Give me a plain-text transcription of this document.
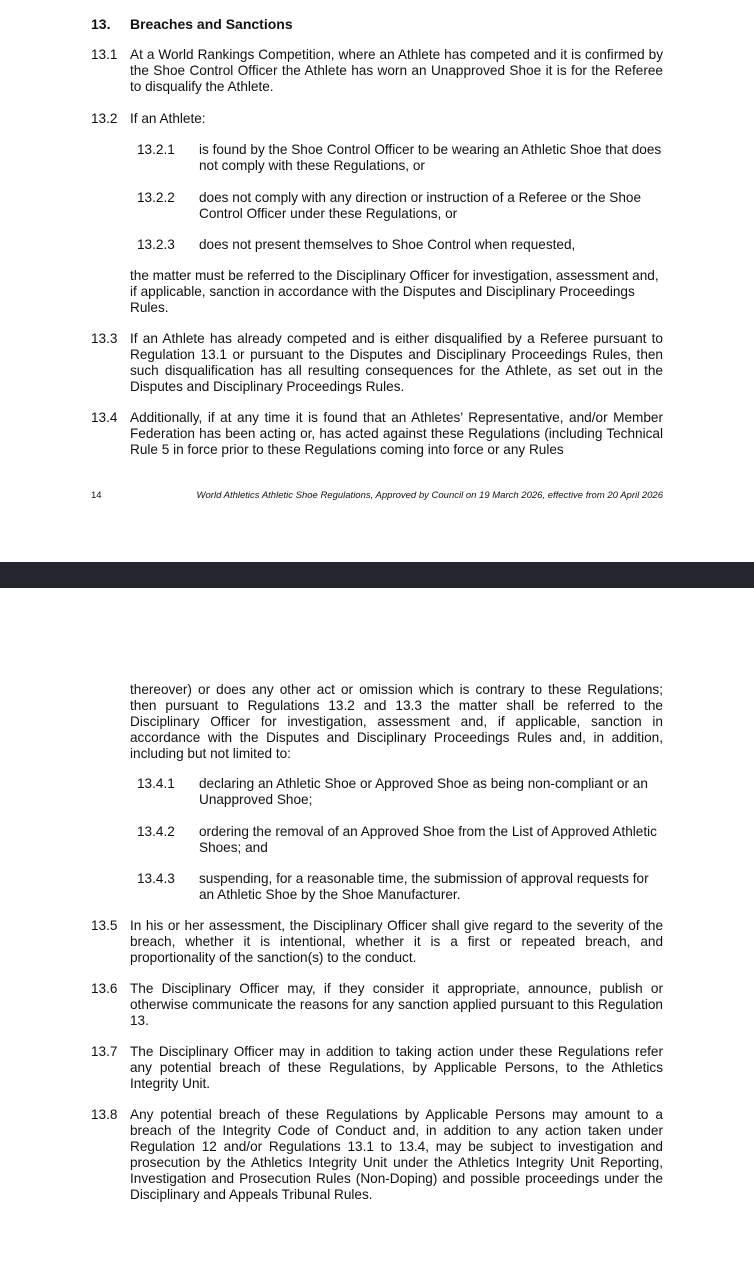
13. Breaches and Sanctions
13.1 At a World Rankings Competition, where an Athlete has competed and it is confirmed by the Shoe Control Officer the Athlete has worn an Unapproved Shoe it is for the Referee to disqualify the Athlete.
13.2 If an Athlete:
13.2.1 is found by the Shoe Control Officer to be wearing an Athletic Shoe that does not comply with these Regulations, or
13.2.2 does not comply with any direction or instruction of a Referee or the Shoe Control Officer under these Regulations, or
13.2.3 does not present themselves to Shoe Control when requested,
the matter must be referred to the Disciplinary Officer for investigation, assessment and, if applicable, sanction in accordance with the Disputes and Disciplinary Proceedings Rules.
13.3 If an Athlete has already competed and is either disqualified by a Referee pursuant to Regulation 13.1 or pursuant to the Disputes and Disciplinary Proceedings Rules, then such disqualification has all resulting consequences for the Athlete, as set out in the Disputes and Disciplinary Proceedings Rules.
13.4 Additionally, if at any time it is found that an Athletes’ Representative, and/or Member Federation has been acting or, has acted against these Regulations (including Technical Rule 5 in force prior to these Regulations coming into force or any Rules
14	World Athletics Athletic Shoe Regulations, Approved by Council on 19 March 2026, effective from 20 April 2026
thereover) or does any other act or omission which is contrary to these Regulations; then pursuant to Regulations 13.2 and 13.3 the matter shall be referred to the Disciplinary Officer for investigation, assessment and, if applicable, sanction in accordance with the Disputes and Disciplinary Proceedings Rules and, in addition, including but not limited to:
13.4.1 declaring an Athletic Shoe or Approved Shoe as being non-compliant or an Unapproved Shoe;
13.4.2 ordering the removal of an Approved Shoe from the List of Approved Athletic Shoes; and
13.4.3 suspending, for a reasonable time, the submission of approval requests for an Athletic Shoe by the Shoe Manufacturer.
13.5 In his or her assessment, the Disciplinary Officer shall give regard to the severity of the breach, whether it is intentional, whether it is a first or repeated breach, and proportionality of the sanction(s) to the conduct.
13.6 The Disciplinary Officer may, if they consider it appropriate, announce, publish or otherwise communicate the reasons for any sanction applied pursuant to this Regulation 13.
13.7 The Disciplinary Officer may in addition to taking action under these Regulations refer any potential breach of these Regulations, by Applicable Persons, to the Athletics Integrity Unit.
13.8 Any potential breach of these Regulations by Applicable Persons may amount to a breach of the Integrity Code of Conduct and, in addition to any action taken under Regulation 12 and/or Regulations 13.1 to 13.4, may be subject to investigation and prosecution by the Athletics Integrity Unit under the Athletics Integrity Unit Reporting, Investigation and Prosecution Rules (Non-Doping) and possible proceedings under the Disciplinary and Appeals Tribunal Rules.
